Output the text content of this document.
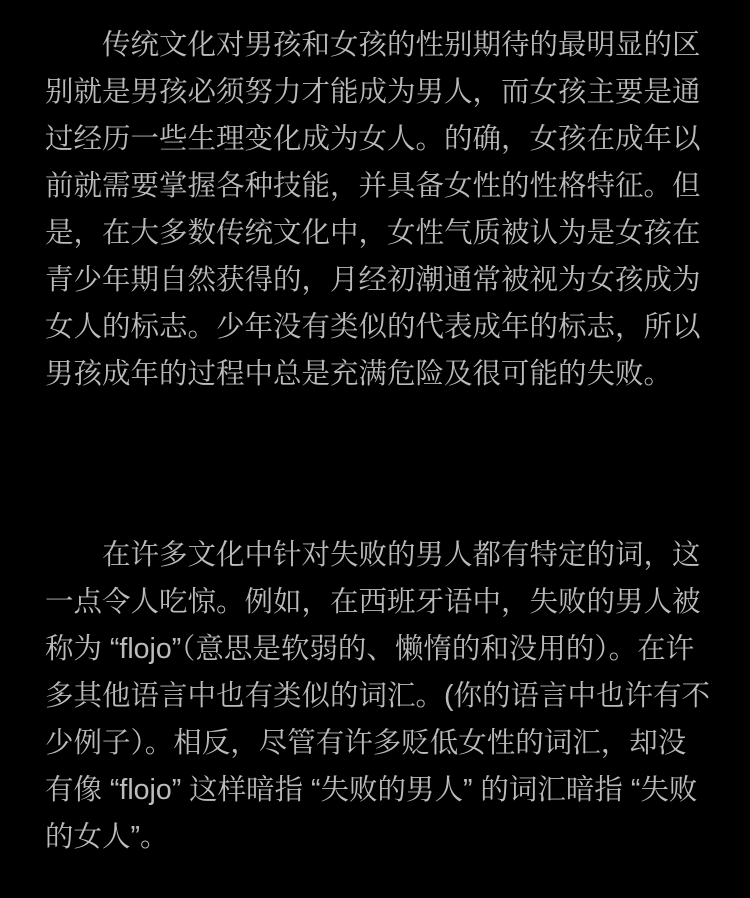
传统文化对男孩和女孩的性别期待的最明显的区
别就是男孩必须努力才能成为男人，而女孩主要是通
过经历一些生理变化成为女人。的确，女孩在成年以
前就需要掌握各种技能，并具备女性的性格特征。但
是，在大多数传统文化中，女性气质被认为是女孩在
青少年期自然获得的，月经初潮通常被视为女孩成为
女人的标志。少年没有类似的代表成年的标志，所以
男孩成年的过程中总是充满危险及很可能的失败。
在许多文化中针对失败的男人都有特定的词，这
一点令人吃惊。例如，在西班牙语中，失败的男人被
称为 “flojo”（意思是软弱的、懒惰的和没用的）。在许
多其他语言中也有类似的词汇。(你的语言中也许有不
少例子）。相反，尽管有许多贬低女性的词汇，却没
有像 “flojo” 这样暗指 “失败的男人” 的词汇暗指 “失败
的女人”。
